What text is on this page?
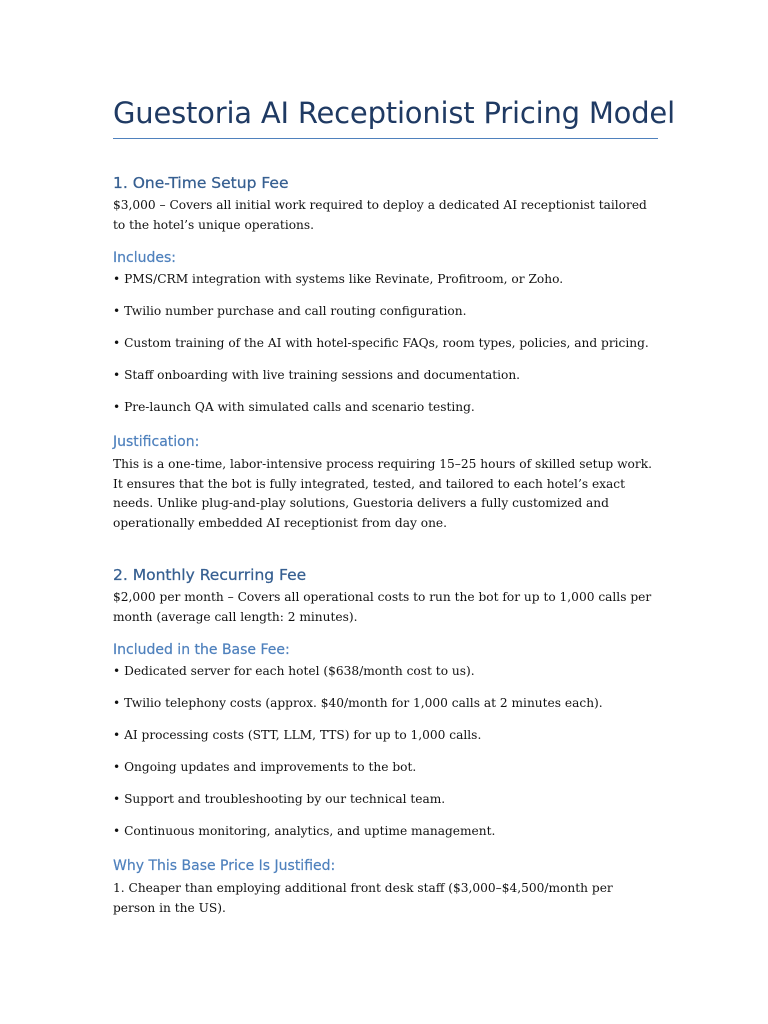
Guestoria AI Receptionist Pricing Model
1. One-Time Setup Fee

$3,000 – Covers all initial work required to deploy a dedicated AI receptionist tailored to the hotel’s unique operations.

Includes:

• PMS/CRM integration with systems like Revinate, Profitroom, or Zoho.

• Twilio number purchase and call routing configuration.

• Custom training of the AI with hotel-specific FAQs, room types, policies, and pricing.

• Staff onboarding with live training sessions and documentation.

• Pre-launch QA with simulated calls and scenario testing.

Justification:

This is a one-time, labor-intensive process requiring 15–25 hours of skilled setup work. It ensures that the bot is fully integrated, tested, and tailored to each hotel’s exact needs. Unlike plug-and-play solutions, Guestoria delivers a fully customized and operationally embedded AI receptionist from day one.

2. Monthly Recurring Fee

$2,000 per month – Covers all operational costs to run the bot for up to 1,000 calls per month (average call length: 2 minutes).

Included in the Base Fee:

• Dedicated server for each hotel ($638/month cost to us).

• Twilio telephony costs (approx. $40/month for 1,000 calls at 2 minutes each).

• AI processing costs (STT, LLM, TTS) for up to 1,000 calls.

• Ongoing updates and improvements to the bot.

• Support and troubleshooting by our technical team.

• Continuous monitoring, analytics, and uptime management.

Why This Base Price Is Justified:

1. Cheaper than employing additional front desk staff ($3,000–$4,500/month per person in the US).
